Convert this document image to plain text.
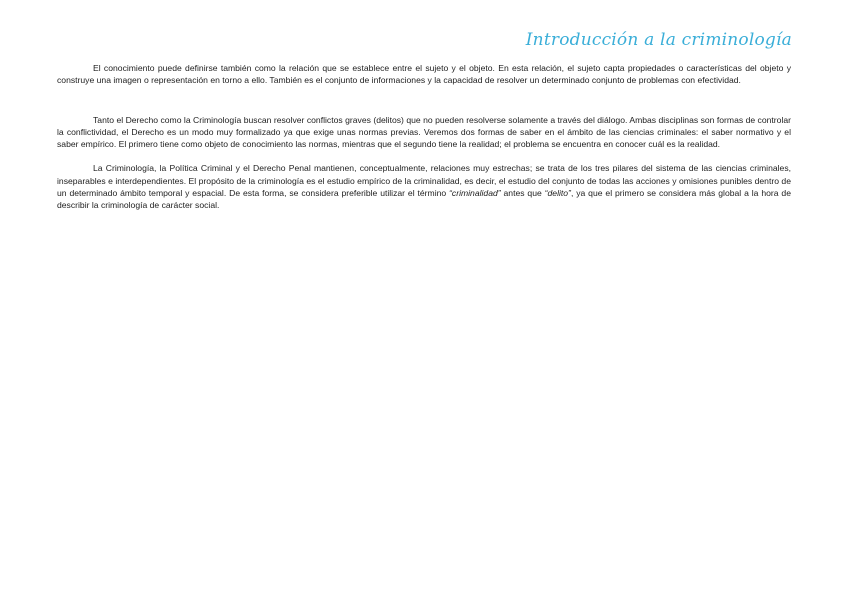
Introducción a la criminología

El conocimiento puede definirse también como la relación que se establece entre el sujeto y el objeto. En esta relación, el sujeto capta propiedades o características del objeto y construye una imagen o representación en torno a ello. También es el conjunto de informaciones y la capacidad de resolver un determinado conjunto de problemas con efectividad.

Tanto el Derecho como la Criminología buscan resolver conflictos graves (delitos) que no pueden resolverse solamente a través del diálogo. Ambas disciplinas son formas de controlar la conflictividad, el Derecho es un modo muy formalizado ya que exige unas normas previas. Veremos dos formas de saber en el ámbito de las ciencias criminales: el saber normativo y el saber empírico. El primero tiene como objeto de conocimiento las normas, mientras que el segundo tiene la realidad; el problema se encuentra en conocer cuál es la realidad.

La Criminología, la Política Criminal y el Derecho Penal mantienen, conceptualmente, relaciones muy estrechas; se trata de los tres pilares del sistema de las ciencias criminales, inseparables e interdependientes. El propósito de la criminología es el estudio empírico de la criminalidad, es decir, el estudio del conjunto de todas las acciones y omisiones punibles dentro de un determinado ámbito temporal y espacial. De esta forma, se considera preferible utilizar el término “criminalidad” antes que “delito”, ya que el primero se considera más global a la hora de describir la criminología de carácter social.
